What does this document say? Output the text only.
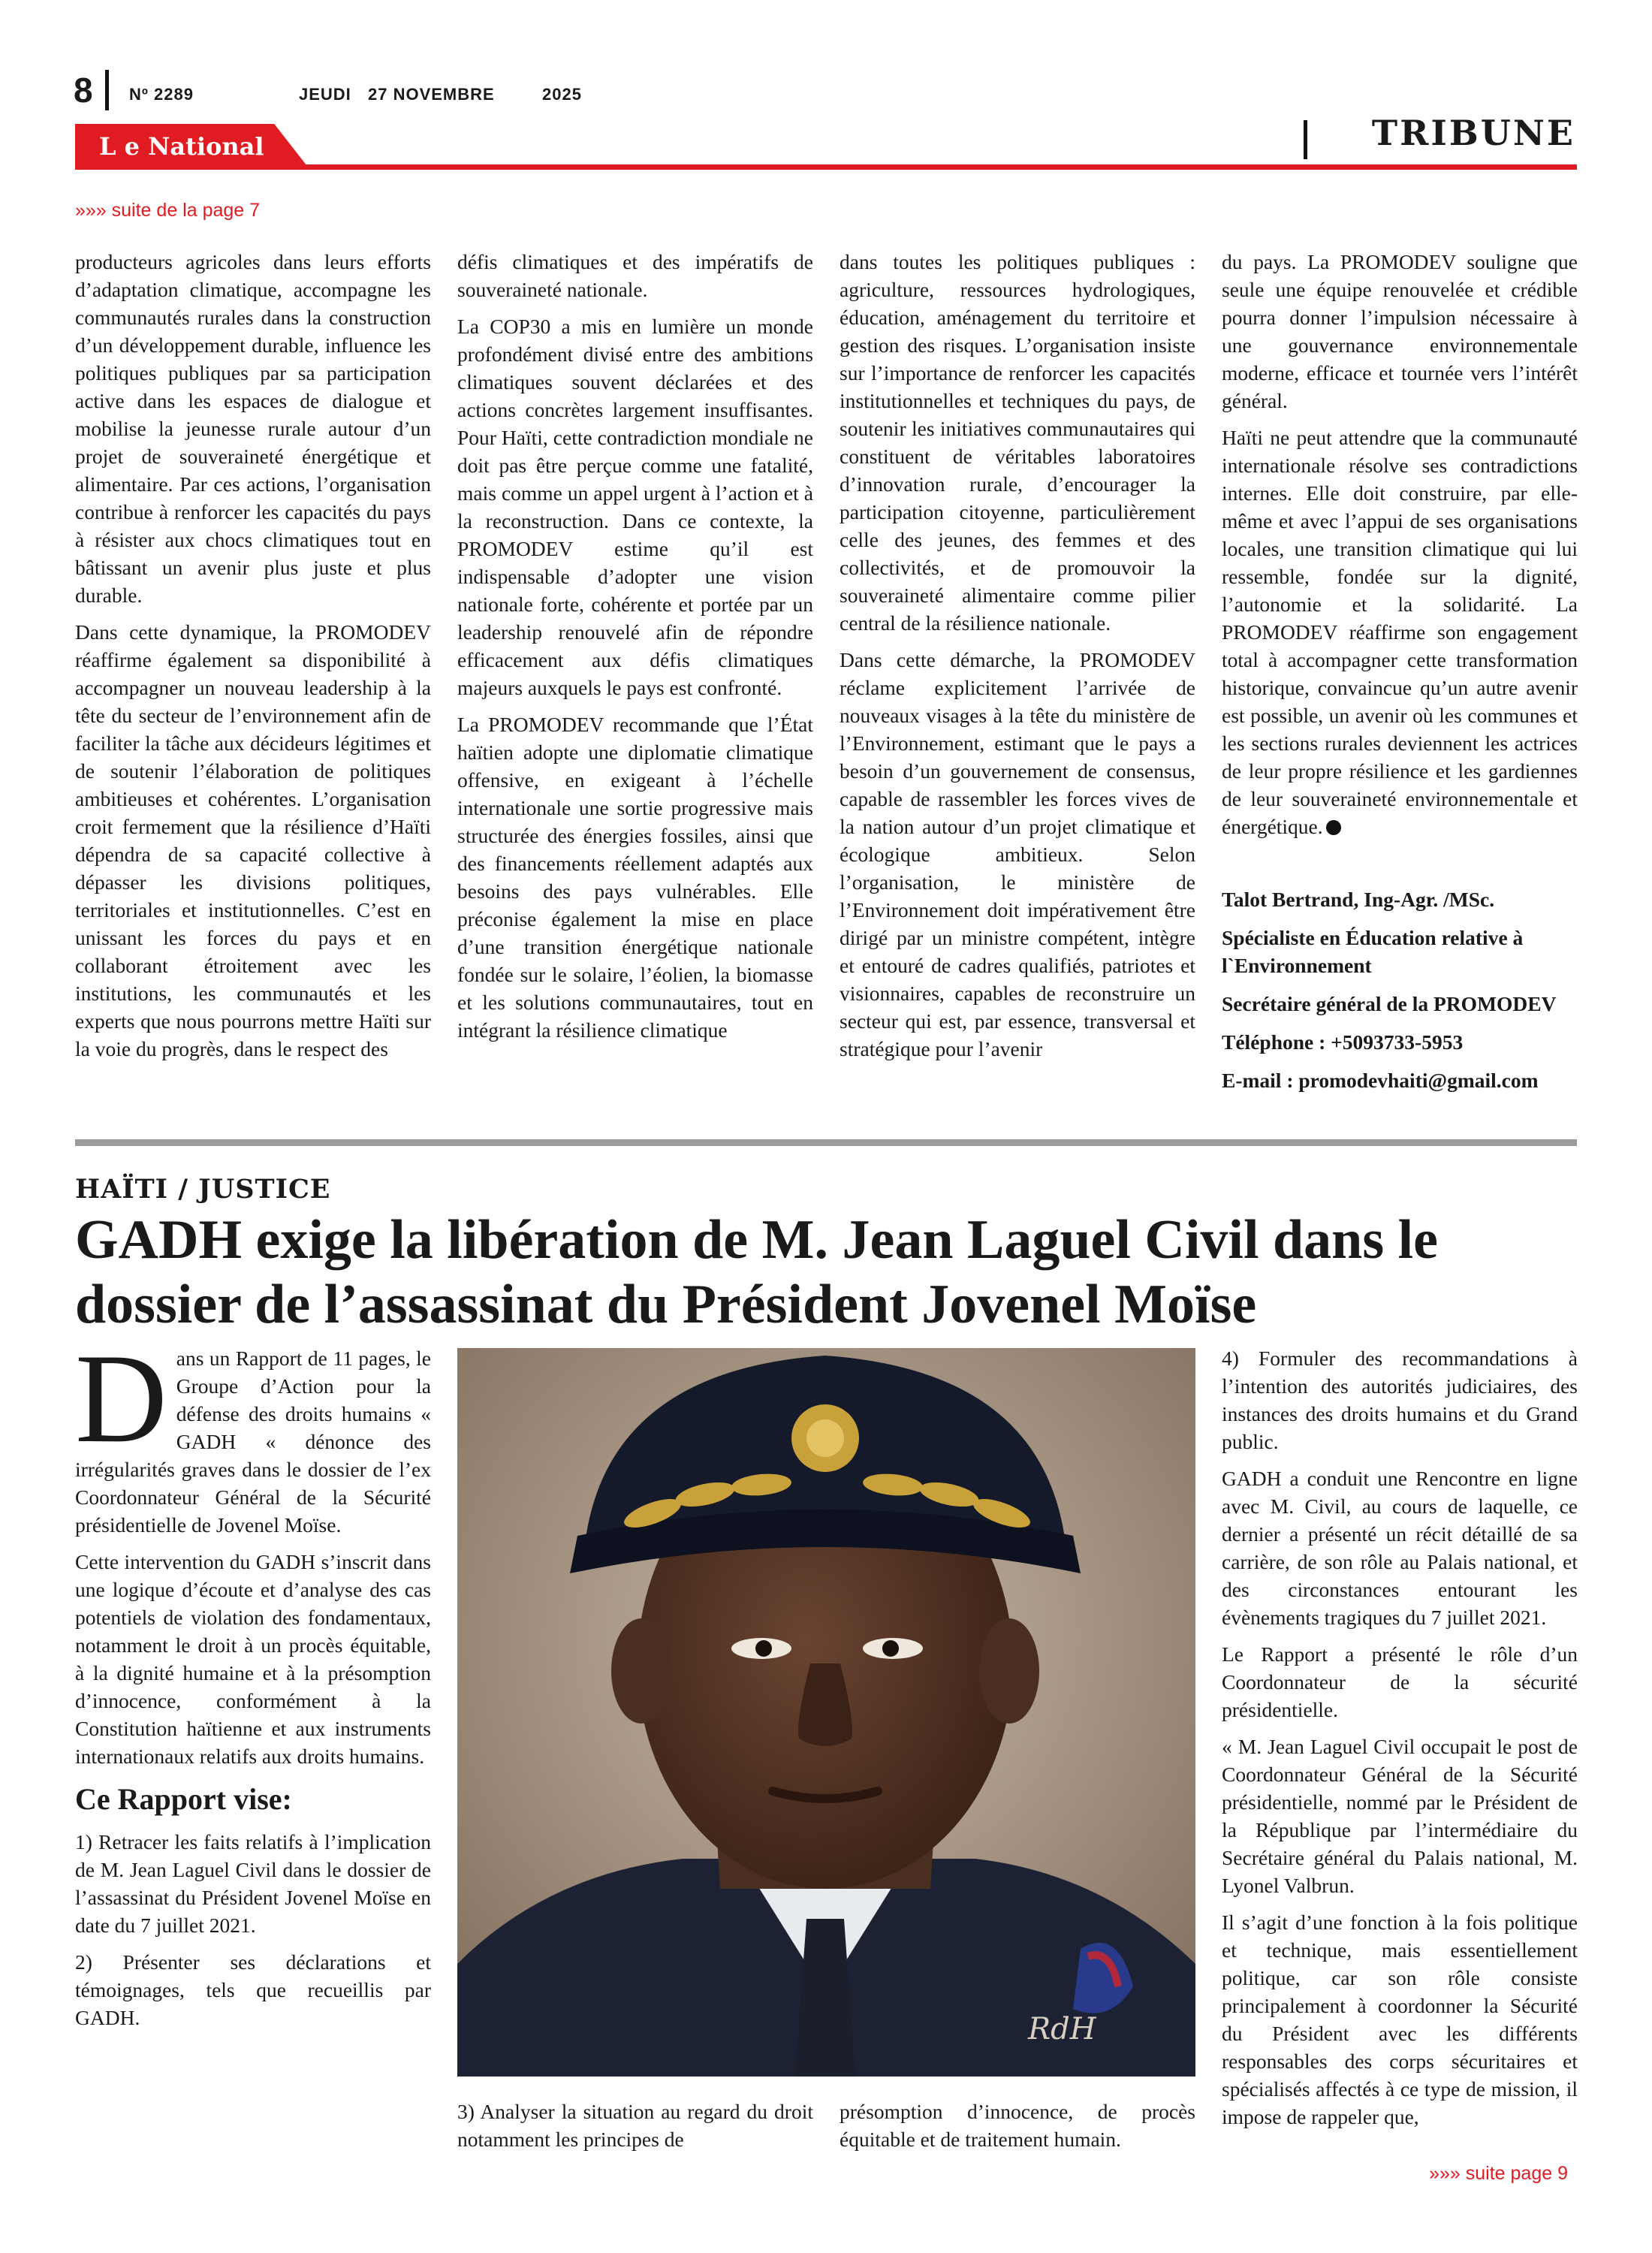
8 Nº 2289	JEUDI 27 NOVEMBRE	2025
L e National	TRIBUNE
»»» suite de la page 7

producteurs agricoles dans leurs efforts d’adaptation climatique, accompagne les communautés rurales dans la construction d’un développement durable, influence les politiques publiques par sa participation active dans les espaces de dialogue et mobilise la jeunesse rurale autour d’un projet de souveraineté énergétique et alimentaire. Par ces actions, l’organisation contribue à renforcer les capacités du pays à résister aux chocs climatiques tout en bâtissant un avenir plus juste et plus durable.

Dans cette dynamique, la PROMODEV réaffirme également sa disponibilité à accompagner un nouveau leadership à la tête du secteur de l’environnement afin de faciliter la tâche aux décideurs légitimes et de soutenir l’élaboration de politiques ambitieuses et cohérentes. L’organisation croit fermement que la résilience d’Haïti dépendra de sa capacité collective à dépasser les divisions politiques, territoriales et institutionnelles. C’est en unissant les forces du pays et en collaborant étroitement avec les institutions, les communautés et les experts que nous pourrons mettre Haïti sur la voie du progrès, dans le respect des

défis climatiques et des impératifs de souveraineté nationale.

La COP30 a mis en lumière un monde profondément divisé entre des ambitions climatiques souvent déclarées et des actions concrètes largement insuffisantes. Pour Haïti, cette contradiction mondiale ne doit pas être perçue comme une fatalité, mais comme un appel urgent à l’action et à la reconstruction. Dans ce contexte, la PROMODEV estime qu’il est indispensable d’adopter une vision nationale forte, cohérente et portée par un leadership renouvelé afin de répondre efficacement aux défis climatiques majeurs auxquels le pays est confronté.

La PROMODEV recommande que l’État haïtien adopte une diplomatie climatique offensive, en exigeant à l’échelle internationale une sortie progressive mais structurée des énergies fossiles, ainsi que des financements réellement adaptés aux besoins des pays vulnérables. Elle préconise également la mise en place d’une transition énergétique nationale fondée sur le solaire, l’éolien, la biomasse et les solutions communautaires, tout en intégrant la résilience climatique

dans toutes les politiques publiques : agriculture, ressources hydrologiques, éducation, aménagement du territoire et gestion des risques. L’organisation insiste sur l’importance de renforcer les capacités institutionnelles et techniques du pays, de soutenir les initiatives communautaires qui constituent de véritables laboratoires d’innovation rurale, d’encourager la participation citoyenne, particulièrement celle des jeunes, des femmes et des collectivités, et de promouvoir la souveraineté alimentaire comme pilier central de la résilience nationale.

Dans cette démarche, la PROMODEV réclame explicitement l’arrivée de nouveaux visages à la tête du ministère de l’Environnement, estimant que le pays a besoin d’un gouvernement de consensus, capable de rassembler les forces vives de la nation autour d’un projet climatique et écologique ambitieux. Selon l’organisation, le ministère de l’Environnement doit impérativement être dirigé par un ministre compétent, intègre et entouré de cadres qualifiés, patriotes et visionnaires, capables de reconstruire un secteur qui est, par essence, transversal et stratégique pour l’avenir

du pays. La PROMODEV souligne que seule une équipe renouvelée et crédible pourra donner l’impulsion nécessaire à une gouvernance environnementale moderne, efficace et tournée vers l’intérêt général.

Haïti ne peut attendre que la communauté internationale résolve ses contradictions internes. Elle doit construire, par elle-même et avec l’appui de ses organisations locales, une transition climatique qui lui ressemble, fondée sur la dignité, l’autonomie et la solidarité. La PROMODEV réaffirme son engagement total à accompagner cette transformation historique, convaincue qu’un autre avenir est possible, un avenir où les communes et les sections rurales deviennent les actrices de leur propre résilience et les gardiennes de leur souveraineté environnementale et énergétique.

Talot Bertrand, Ing-Agr. /MSc.

Spécialiste en Éducation relative à l`Environnement

Secrétaire général de la PROMODEV

Téléphone : +5093733-5953

E-mail : promodevhaiti@gmail.com

HAÏTI / JUSTICE
GADH exige la libération de M. Jean Laguel Civil dans le dossier de l’assassinat du Président Jovenel Moïse

Dans un Rapport de 11 pages, le Groupe d’Action pour la défense des droits humains « GADH « dénonce des irrégularités graves dans le dossier de l’ex Coordonnateur Général de la Sécurité présidentielle de Jovenel Moïse.

Cette intervention du GADH s’inscrit dans une logique d’écoute et d’analyse des cas potentiels de violation des fondamentaux, notamment le droit à un procès équitable, à la dignité humaine et à la présomption d’innocence, conformément à la Constitution haïtienne et aux instruments internationaux relatifs aux droits humains.

Ce Rapport vise:

1) Retracer les faits relatifs à l’implication de M. Jean Laguel Civil dans le dossier de l’assassinat du Président Jovenel Moïse en date du 7 juillet 2021.

2) Présenter ses déclarations et témoignages, tels que recueillis par GADH.	RdH

3) Analyser la situation au regard du droit notamment les principes de

présomption d’innocence, de procès équitable et de traitement humain.

4) Formuler des recommandations à l’intention des autorités judiciaires, des instances des droits humains et du Grand public.

GADH a conduit une Rencontre en ligne avec M. Civil, au cours de laquelle, ce dernier a présenté un récit détaillé de sa carrière, de son rôle au Palais national, et des circonstances entourant les évènements tragiques du 7 juillet 2021.

Le Rapport a présenté le rôle d’un Coordonnateur de la sécurité présidentielle.

« M. Jean Laguel Civil occupait le post de Coordonnateur Général de la Sécurité présidentielle, nommé par le Président de la République par l’intermédiaire du Secrétaire général du Palais national, M. Lyonel Valbrun.

Il s’agit d’une fonction à la fois politique et technique, mais essentiellement politique, car son rôle consiste principalement à coordonner la Sécurité du Président avec les différents responsables des corps sécuritaires et spécialisés affectés à ce type de mission, il impose de rappeler que,

»»» suite page 9
